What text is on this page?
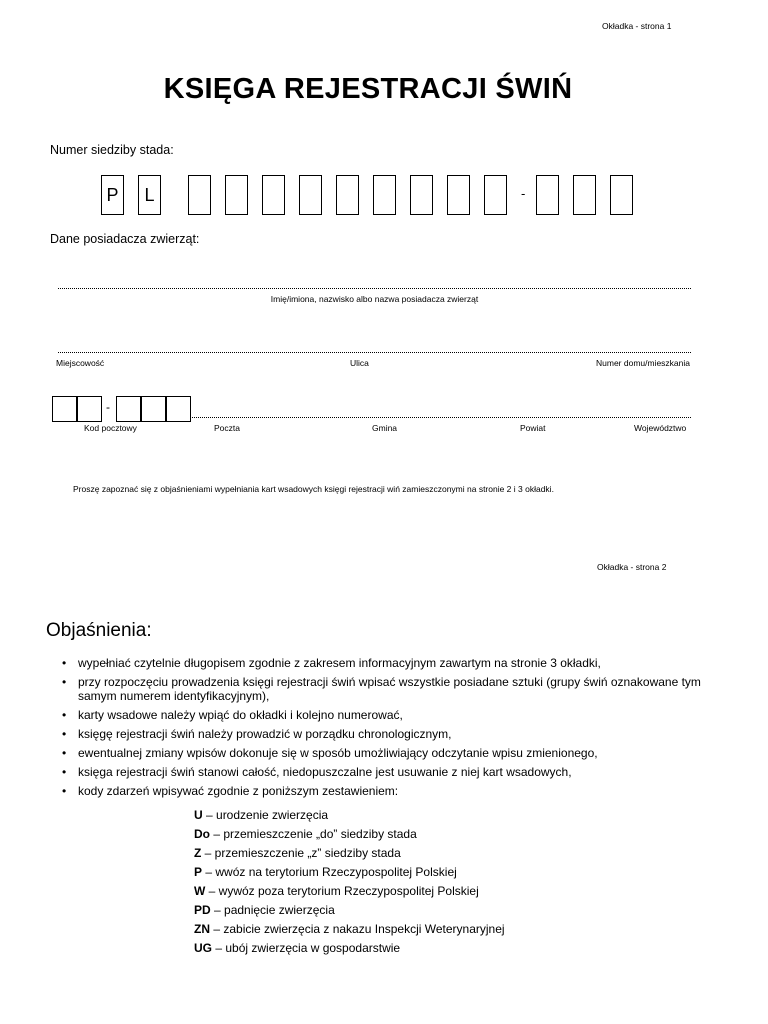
Okładka - strona 1
KSIĘGA REJESTRACJI ŚWIŃ
Numer siedziby stada:
P	L	-
Dane posiadacza zwierząt:
Imię/imiona, nazwisko albo nazwa posiadacza zwierząt
Miejscowość	Ulica	Numer domu/mieszkania
-
Kod pocztowy	Poczta	Gmina	Powiat	Województwo
Proszę zapoznać się z objaśnieniami wypełniania kart wsadowych księgi rejestracji wiń zamieszczonymi na stronie 2 i 3 okładki.
Okładka - strona 2
Objaśnienia:
• wypełniać czytelnie długopisem zgodnie z zakresem informacyjnym zawartym na stronie 3 okładki,
• przy rozpoczęciu prowadzenia księgi rejestracji świń wpisać wszystkie posiadane sztuki (grupy świń oznakowane tym samym numerem identyfikacyjnym),
• karty wsadowe należy wpiąć do okładki i kolejno numerować,
• księgę rejestracji świń należy prowadzić w porządku chronologicznym,
• ewentualnej zmiany wpisów dokonuje się w sposób umożliwiający odczytanie wpisu zmienionego,
• księga rejestracji świń stanowi całość, niedopuszczalne jest usuwanie z niej kart wsadowych,
• kody zdarzeń wpisywać zgodnie z poniższym zestawieniem:
U – urodzenie zwierzęcia
Do – przemieszczenie „do” siedziby stada
Z – przemieszczenie „z” siedziby stada
P – wwóz na terytorium Rzeczypospolitej Polskiej
W – wywóz poza terytorium Rzeczypospolitej Polskiej
PD – padnięcie zwierzęcia
ZN – zabicie zwierzęcia z nakazu Inspekcji Weterynaryjnej
UG – ubój zwierzęcia w gospodarstwie
